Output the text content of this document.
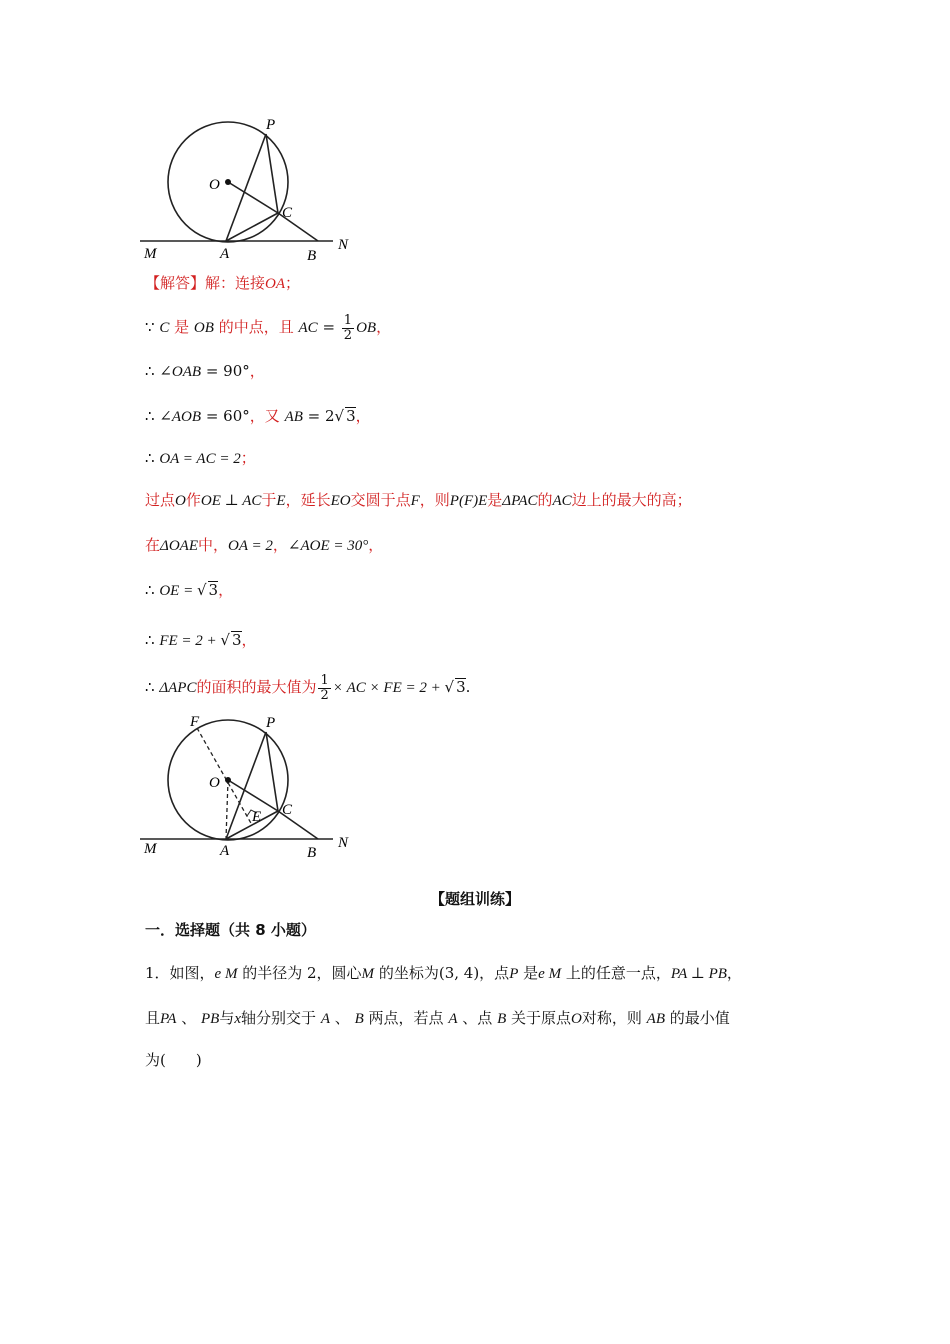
P
O
C
M	A	B
N
【解答】解：连接OA；
∵ C 是 OB 的中点，且 AC = $\frac{1}{2}$ OB，
∴ ∠OAB = 90°，
∴ ∠AOB = 60°，又 AB = 2√ 3，
∴ OA = AC = 2；
过点O作OE ⊥ AC于E，延长EO交圆于点F，则P(F)E是ΔPAC的AC边上的最大的高；
在ΔOAE中，OA = 2，∠AOE = 30°，
∴ OE = √ 3，
∴ FE = 2 + √ 3，
∴ ΔAPC的面积的最大值为 $\frac{1}{2}$ × AC × FE = 2 + √ 3.
F	P
O
E C
M	A	B
N
【题组训练】
一．选择题（共 8 小题）
1．如图，e M 的半径为 2，圆心M 的坐标为(3, 4)，点P 是e M 上的任意一点，PA ⊥ PB，
且PA 、 PB与x轴分别交于 A 、 B 两点，若点 A 、点 B 关于原点O对称，则 AB 的最小值
为(　　)
